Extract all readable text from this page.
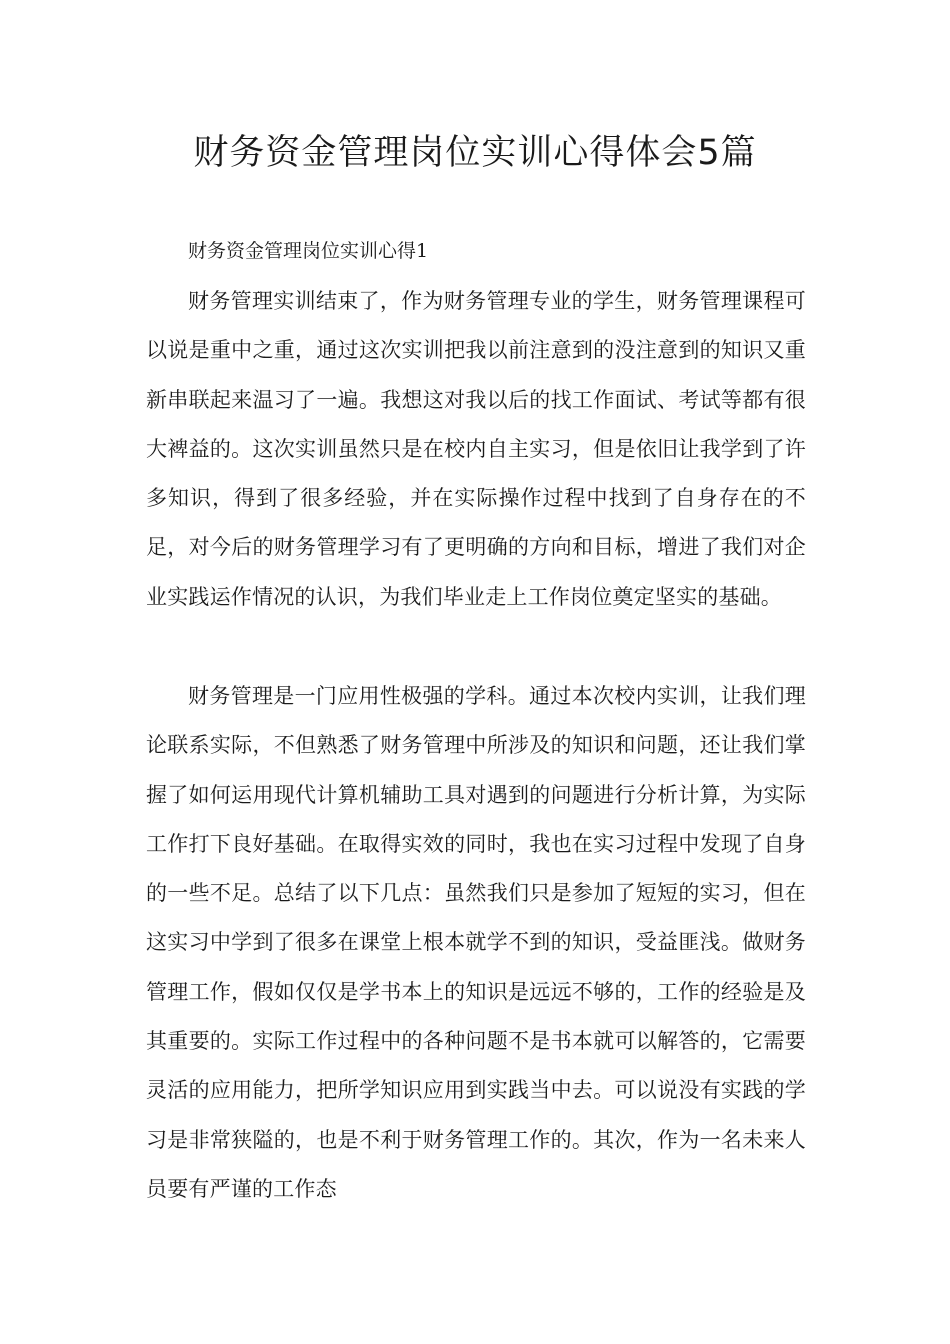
财务资金管理岗位实训心得体会5篇
财务资金管理岗位实训心得1

财务管理实训结束了，作为财务管理专业的学生，财务管理课程可以说是重中之重，通过这次实训把我以前注意到的没注意到的知识又重新串联起来温习了一遍。我想这对我以后的找工作面试、考试等都有很大裨益的。这次实训虽然只是在校内自主实习，但是依旧让我学到了许多知识，得到了很多经验，并在实际操作过程中找到了自身存在的不足，对今后的财务管理学习有了更明确的方向和目标，增进了我们对企业实践运作情况的认识，为我们毕业走上工作岗位奠定坚实的基础。

财务管理是一门应用性极强的学科。通过本次校内实训，让我们理论联系实际，不但熟悉了财务管理中所涉及的知识和问题，还让我们掌握了如何运用现代计算机辅助工具对遇到的问题进行分析计算，为实际工作打下良好基础。在取得实效的同时，我也在实习过程中发现了自身的一些不足。总结了以下几点：虽然我们只是参加了短短的实习，但在这实习中学到了很多在课堂上根本就学不到的知识，受益匪浅。做财务管理工作，假如仅仅是学书本上的知识是远远不够的，工作的经验是及其重要的。实际工作过程中的各种问题不是书本就可以解答的，它需要灵活的应用能力，把所学知识应用到实践当中去。可以说没有实践的学习是非常狭隘的，也是不利于财务管理工作的。其次，作为一名未来人员要有严谨的工作态
